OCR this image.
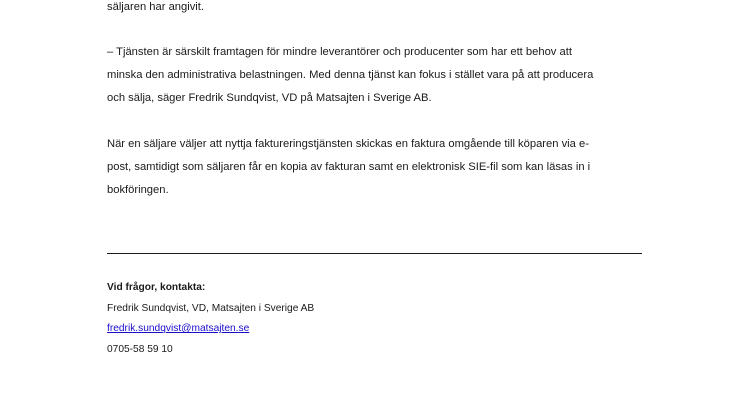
säljaren har angivit.

– Tjänsten är särskilt framtagen för mindre leverantörer och producenter som har ett behov att
minska den administrativa belastningen. Med denna tjänst kan fokus i stället vara på att producera
och sälja, säger Fredrik Sundqvist, VD på Matsajten i Sverige AB.

När en säljare väljer att nyttja faktureringstjänsten skickas en faktura omgående till köparen via e-
post, samtidigt som säljaren får en kopia av fakturan samt en elektronisk SIE-fil som kan läsas in i
bokföringen.

Vid frågor, kontakta:
Fredrik Sundqvist, VD, Matsajten i Sverige AB
fredrik.sundqvist@matsajten.se
0705-58 59 10
